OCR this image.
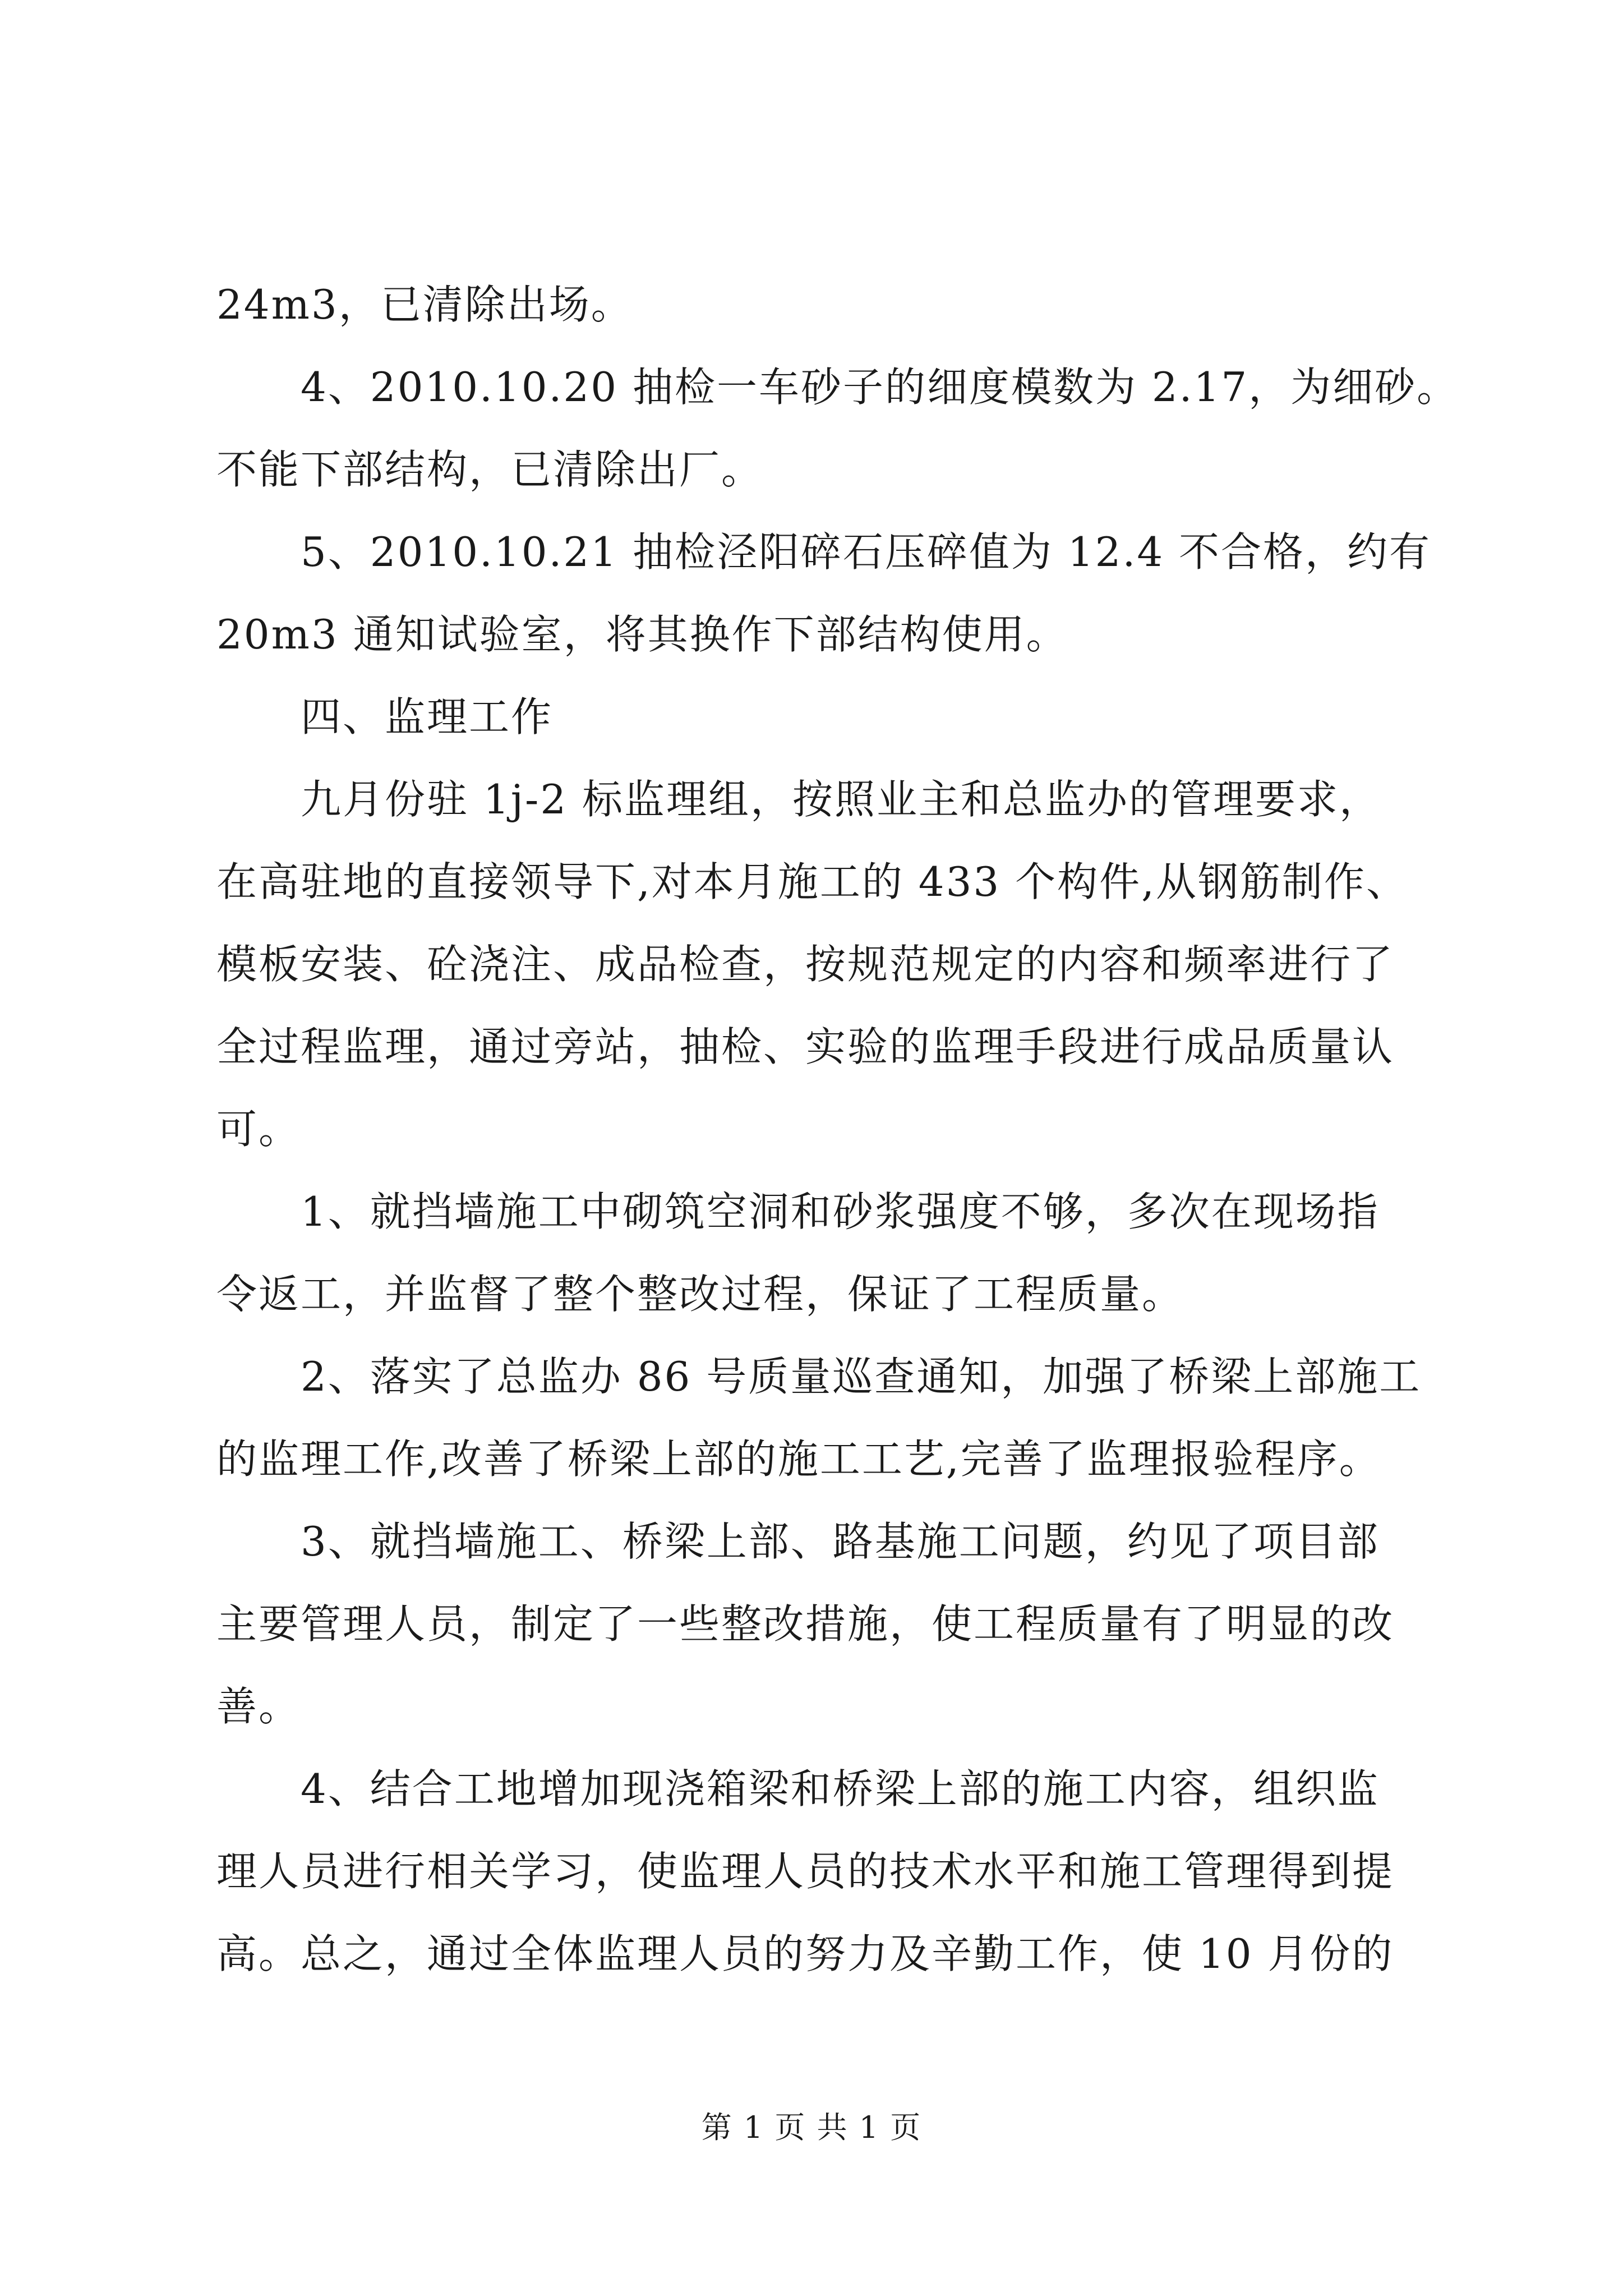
24m3，已清除出场。

4、2010.10.20 抽检一车砂子的细度模数为 2.17，为细砂。

不能下部结构，已清除出厂。

5、2010.10.21 抽检泾阳碎石压碎值为 12.4 不合格，约有

20m3 通知试验室，将其换作下部结构使用。

四、监理工作

九月份驻 1j-2 标监理组，按照业主和总监办的管理要求，

在高驻地的直接领导下,对本月施工的 433 个构件,从钢筋制作、

模板安装、砼浇注、成品检查，按规范规定的内容和频率进行了

全过程监理，通过旁站，抽检、实验的监理手段进行成品质量认

可。

1、就挡墙施工中砌筑空洞和砂浆强度不够，多次在现场指

令返工，并监督了整个整改过程，保证了工程质量。

2、落实了总监办 86 号质量巡查通知，加强了桥梁上部施工

的监理工作,改善了桥梁上部的施工工艺,完善了监理报验程序。

3、就挡墙施工、桥梁上部、路基施工问题，约见了项目部

主要管理人员，制定了一些整改措施，使工程质量有了明显的改

善。

4、结合工地增加现浇箱梁和桥梁上部的施工内容，组织监

理人员进行相关学习，使监理人员的技术水平和施工管理得到提

高。总之，通过全体监理人员的努力及辛勤工作，使 10 月份的

第 1 页 共 1 页
